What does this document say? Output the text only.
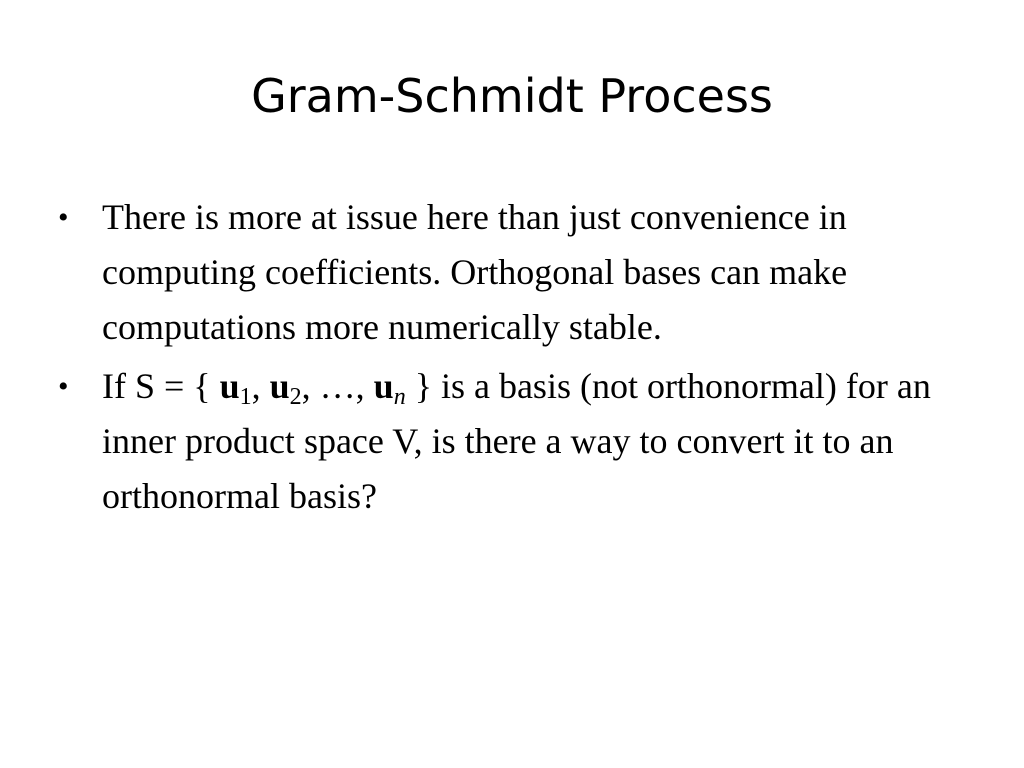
Gram-Schmidt Process
• There is more at issue here than just convenience in computing coefficients. Orthogonal bases can make computations more numerically stable.
• If S = { $u_1$, $u_2$, …, $u_n$ } is a basis (not orthonormal) for an inner product space V, is there a way to convert it to an orthonormal basis?
